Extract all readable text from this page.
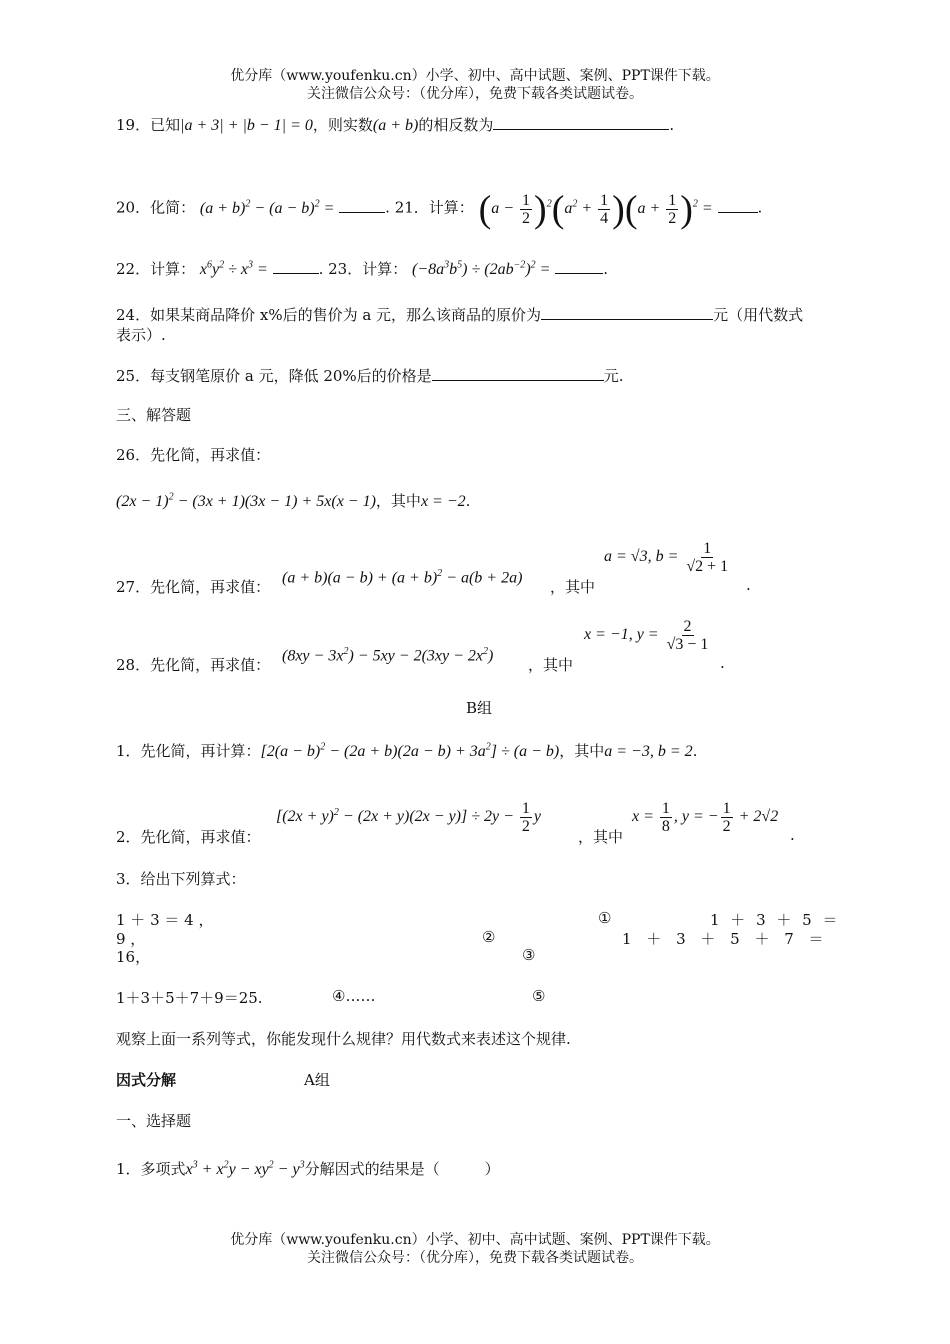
优分库（www.youfenku.cn）小学、初中、高中试题、案例、PPT课件下载。
关注微信公众号：（优分库），免费下载各类试题试卷。
19．已知|a + 3| + |b − 1| = 0，则实数(a + b)的相反数为	.
20．化简： $(a + b)^2 - (a - b)^2$ =	. 21．计算： $(a - \frac{1}{2} )^2(a^2 + \frac{1}{4} )(a + \frac{1}{2} )^2$ =	.
22．计算： $x^6y^2 \div x^3$ =	. 23．计算： $(-8a^3b^5) \div (2ab^{-2})^2$ =	.
24．如果某商品降价 x%后的售价为 a 元，那么该商品的原价为	元（用代数式
表示）.
25．每支钢笔原价 a 元，降低 20%后的价格是	元.
三、解答题
26．先化简，再求值：
$(2x - 1)^2 - (3x + 1)(3x - 1) + 5x(x - 1)$，其中x = −2.
27．先化简，再求值：
$(a + b)(a - b) + (a + b)^2 - a(b + 2a)$
，其中
a = √3, $b = \frac{1}{√2 + 1}$
.
28．先化简，再求值：
$(8xy - 3x^2) - 5xy - 2(3xy - 2x^2)$
，其中
x = −1, $y = \frac{2}{√3 - 1}$
.
B组
1．先化简，再计算：$[2(a - b)^2 - (2a + b)(2a - b) + 3a^2] \div (a - b)$，其中a = −3, b = 2.
2．先化简，再求值：
$[(2x + y)^2 - (2x + y)(2x - y)] \div 2y - \frac{1}{2}$ y
，其中
$x = \frac{1}{8}$ , y = − $\frac{1}{2} + 2√2$
.
3．给出下列算式：
1 ＋ 3 ＝ 4 ，	①	1 ＋ 3 ＋ 5 ＝
9 ，	②	1 ＋ 3 ＋ 5 ＋ 7 ＝
16，	③
1＋3＋5＋7＋9＝25.	④……	⑤
观察上面一系列等式，你能发现什么规律？用代数式来表述这个规律.
因式分解	A组
一、选择题
1．多项式$x^3 + x^2y - xy^2 - y^3$分解因式的结果是（　　　）
优分库（www.youfenku.cn）小学、初中、高中试题、案例、PPT课件下载。
关注微信公众号：（优分库），免费下载各类试题试卷。
